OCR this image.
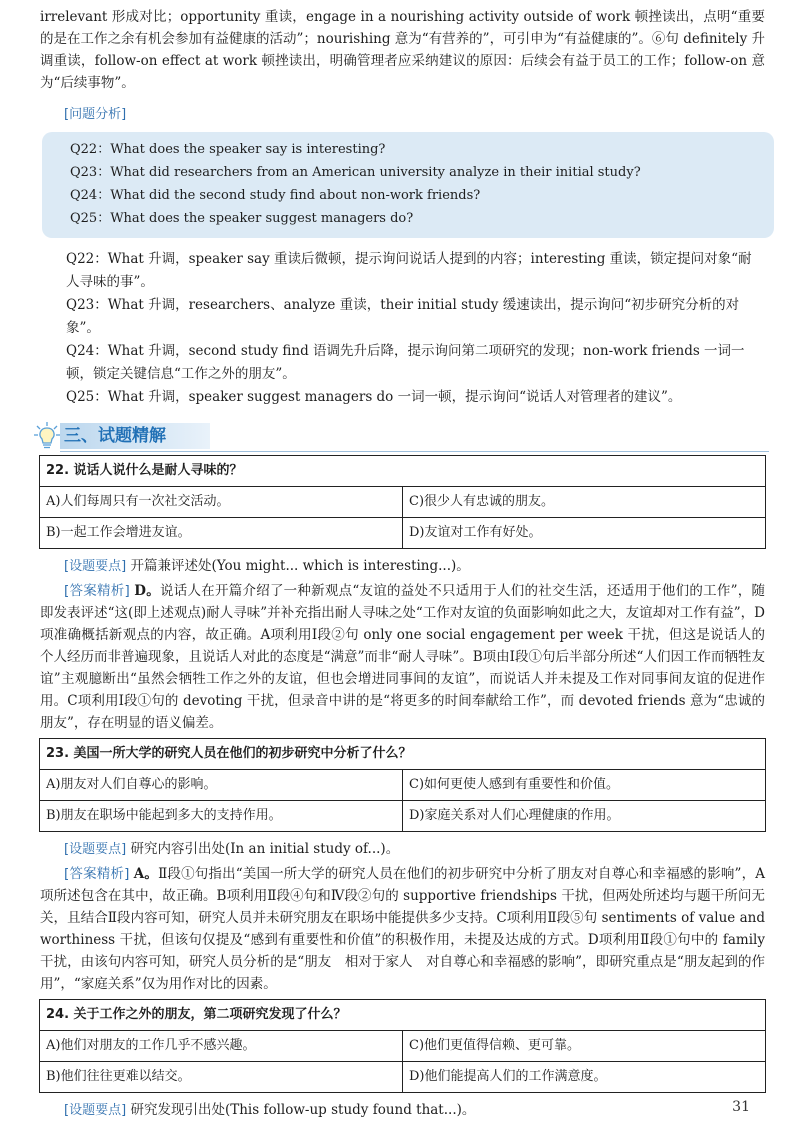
irrelevant 形成对比；opportunity 重读，engage in a nourishing activity outside of work 顿挫读出，点明“重要的是在工作之余有机会参加有益健康的活动”；nourishing 意为“有营养的”，可引申为“有益健康的”。⑥句 definitely 升调重读，follow-on effect at work 顿挫读出，明确管理者应采纳建议的原因：后续会有益于员工的工作；follow-on 意为“后续事物”。

[问题分析]

Q22：What does the speaker say is interesting?

Q23：What did researchers from an American university analyze in their initial study?

Q24：What did the second study find about non-work friends?

Q25：What does the speaker suggest managers do?

Q22：What 升调，speaker say 重读后微顿，提示询问说话人提到的内容；interesting 重读，锁定提问对象“耐人寻味的事”。

Q23：What 升调，researchers、analyze 重读，their initial study 缓速读出，提示询问“初步研究分析的对象”。

Q24：What 升调，second study find 语调先升后降，提示询问第二项研究的发现；non-work friends 一词一顿，锁定关键信息“工作之外的朋友”。

Q25：What 升调，speaker suggest managers do 一词一顿，提示询问“说话人对管理者的建议”。

三、试题精解
22. 说话人说什么是耐人寻味的？	
A)人们每周只有一次社交活动。	C)很少人有忠诚的朋友。
B)一起工作会增进友谊。	D)友谊对工作有好处。

[设题要点] 开篇兼评述处(You might... which is interesting...)。

[答案精析] D。说话人在开篇介绍了一种新观点“友谊的益处不只适用于人们的社交生活，还适用于他们的工作”，随即发表评述“这(即上述观点)耐人寻味”并补充指出耐人寻味之处“工作对友谊的负面影响如此之大，友谊却对工作有益”，D项准确概括新观点的内容，故正确。A项利用Ⅰ段②句 only one social engagement per week 干扰，但这是说话人的个人经历而非普遍现象，且说话人对此的态度是“满意”而非“耐人寻味”。B项由Ⅰ段①句后半部分所述“人们因工作而牺牲友谊”主观臆断出“虽然会牺牲工作之外的友谊，但也会增进同事间的友谊”，而说话人并未提及工作对同事间友谊的促进作用。C项利用Ⅰ段①句的 devoting 干扰，但录音中讲的是“将更多的时间奉献给工作”，而 devoted friends 意为“忠诚的朋友”，存在明显的语义偏差。

23. 美国一所大学的研究人员在他们的初步研究中分析了什么？	
A)朋友对人们自尊心的影响。	C)如何更使人感到有重要性和价值。
B)朋友在职场中能起到多大的支持作用。	D)家庭关系对人们心理健康的作用。

[设题要点] 研究内容引出处(In an initial study of...)。

[答案精析] A。Ⅱ段①句指出“美国一所大学的研究人员在他们的初步研究中分析了朋友对自尊心和幸福感的影响”，A项所述包含在其中，故正确。B项利用Ⅱ段④句和Ⅳ段②句的 supportive friendships 干扰，但两处所述均与题干所问无关，且结合Ⅱ段内容可知，研究人员并未研究朋友在职场中能提供多少支持。C项利用Ⅱ段⑤句 sentiments of value and worthiness 干扰，但该句仅提及“感到有重要性和价值”的积极作用，未提及达成的方式。D项利用Ⅱ段①句中的 family 干扰，由该句内容可知，研究人员分析的是“朋友　相对于家人　对自尊心和幸福感的影响”，即研究重点是“朋友起到的作用”，“家庭关系”仅为用作对比的因素。

24. 关于工作之外的朋友，第二项研究发现了什么？	
A)他们对朋友的工作几乎不感兴趣。	C)他们更值得信赖、更可靠。
B)他们往往更难以结交。	D)他们能提高人们的工作满意度。

[设题要点] 研究发现引出处(This follow-up study found that...)。	31
